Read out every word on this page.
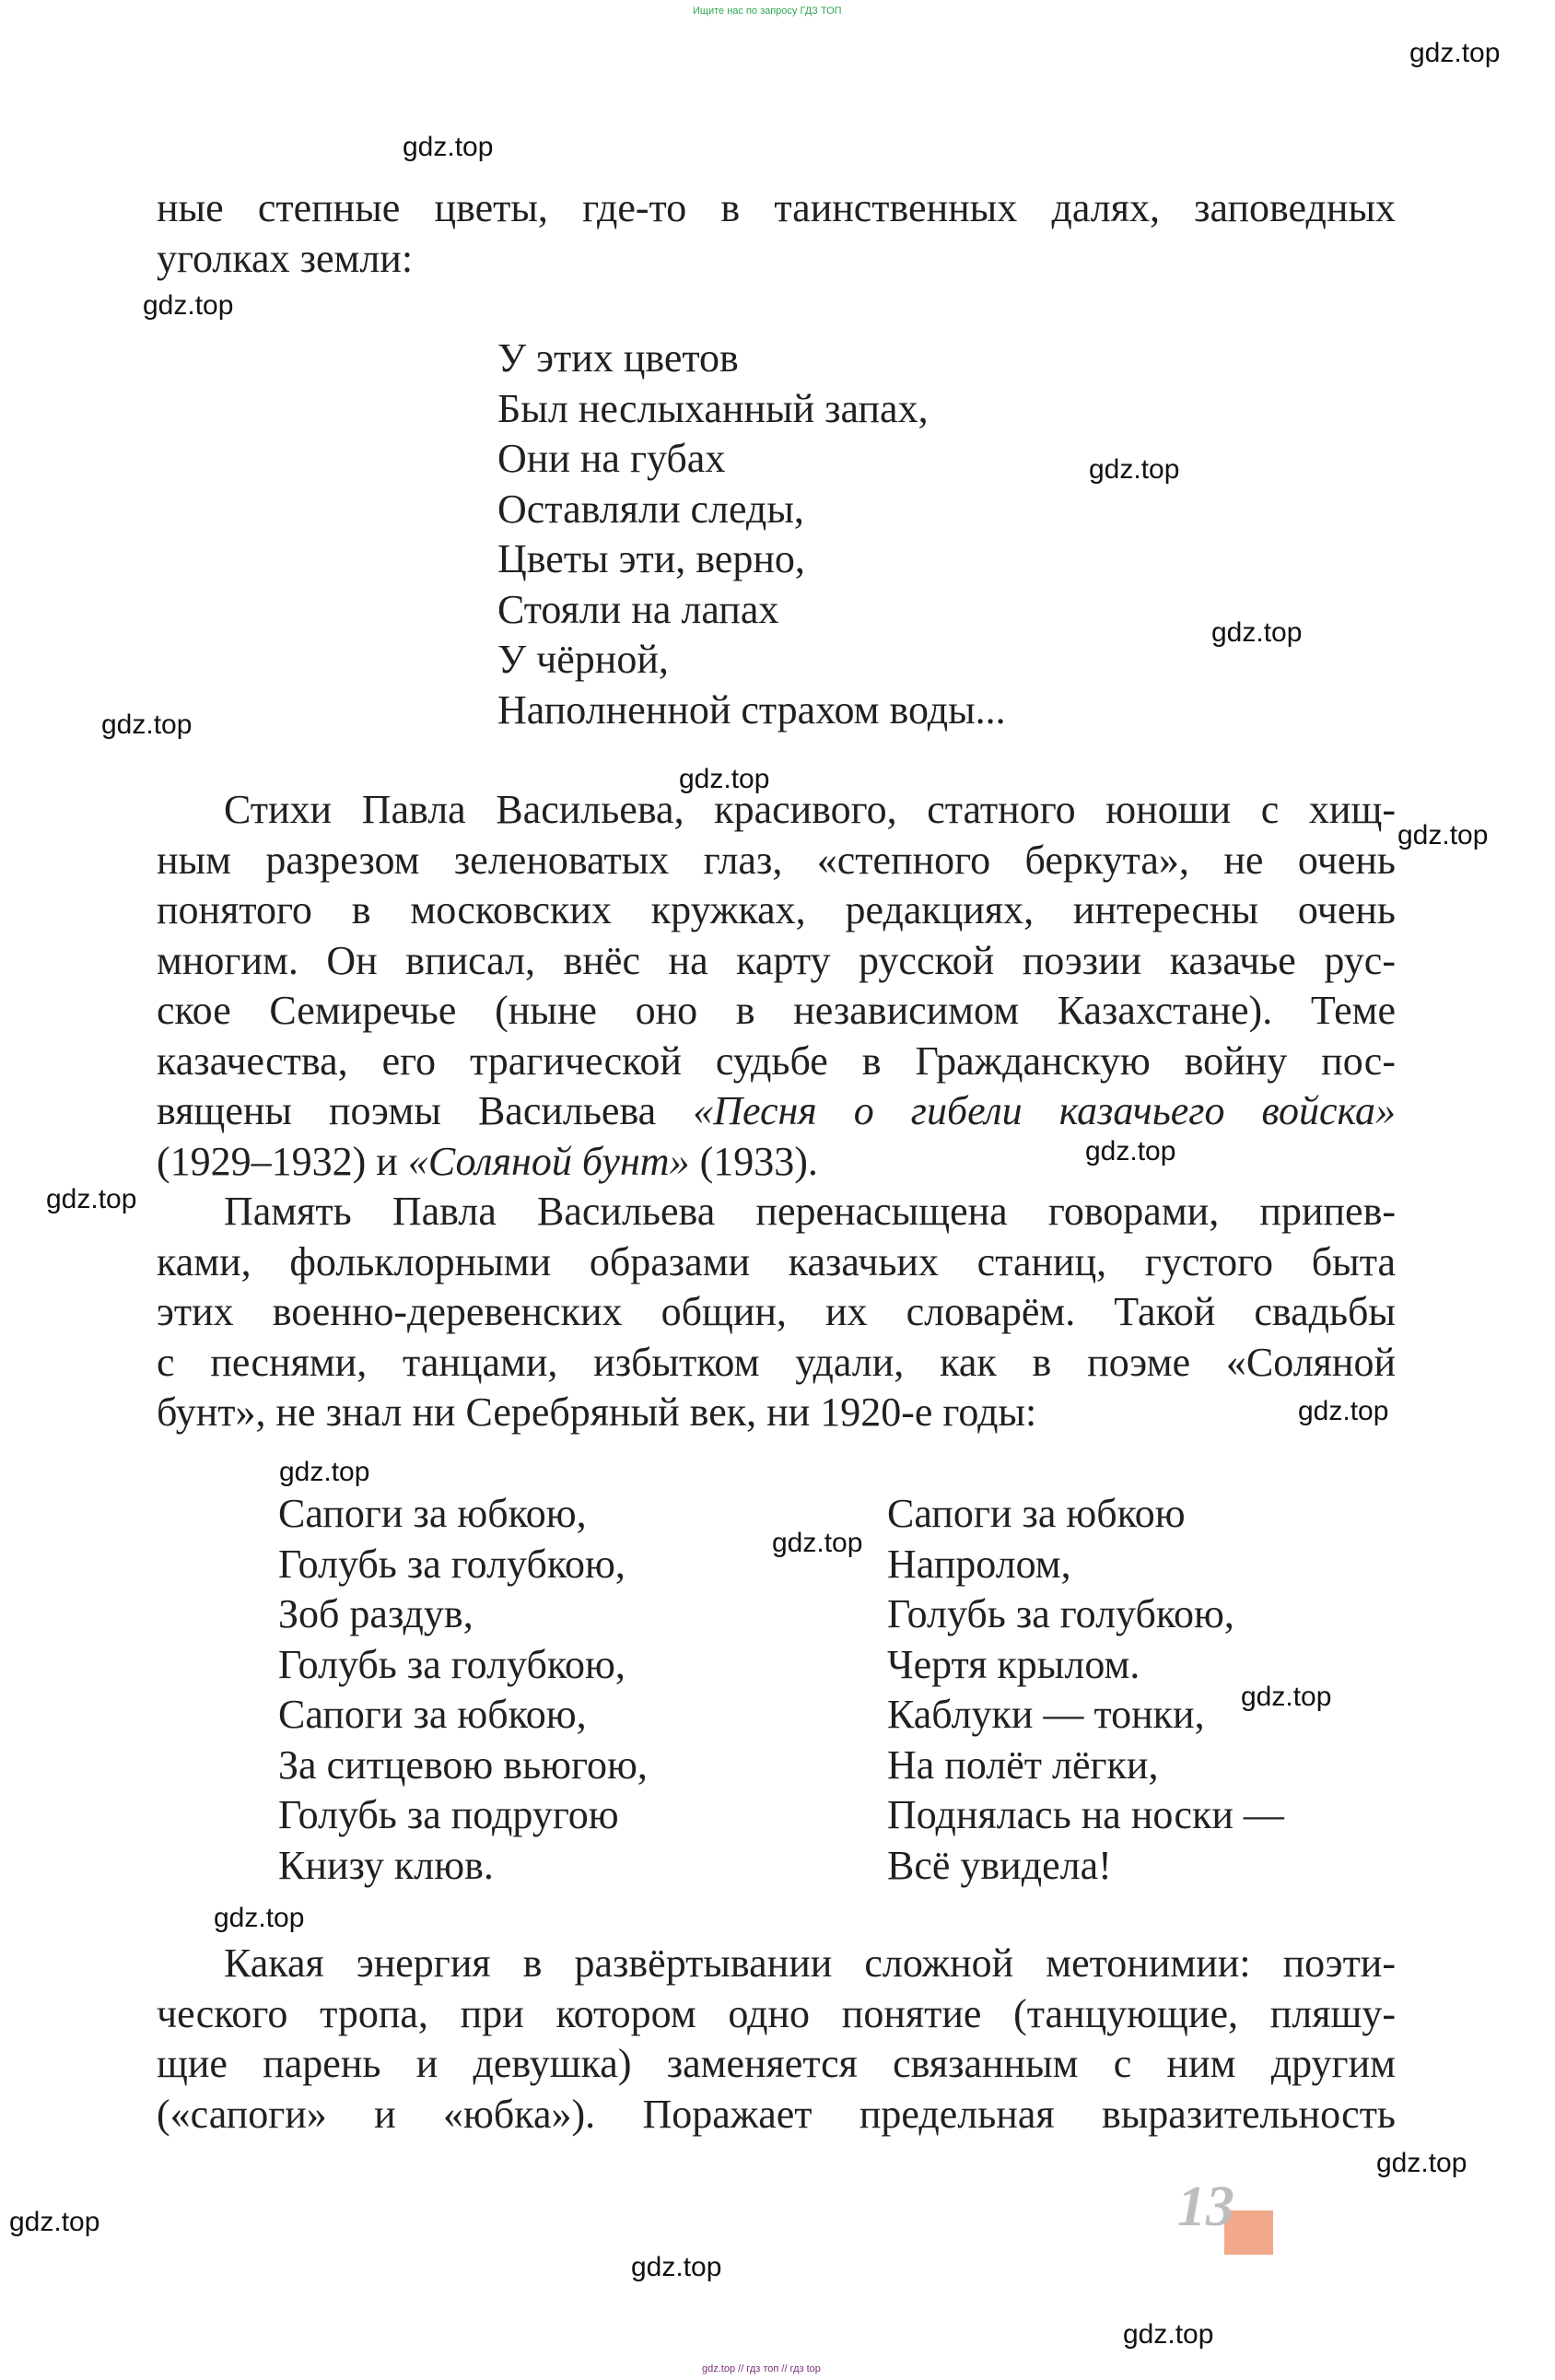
Ищите нас по запросу ГДЗ ТОП
ные степные цветы, где-то в таинственных далях, заповедных
уголках земли:
У этих цветов
Был неслыханный запах,
Они на губах
Оставляли следы,
Цветы эти, верно,
Стояли на лапах
У чёрной,
Наполненной страхом воды...
Стихи Павла Васильева, красивого, статного юноши с хищ-
ным разрезом зеленоватых глаз, «степного беркута», не очень
понятого в московских кружках, редакциях, интересны очень
многим. Он вписал, внёс на карту русской поэзии казачье рус-
ское Семиречье (ныне оно в независимом Казахстане). Теме
казачества, его трагической судьбе в Гражданскую войну пос-
вящены поэмы Васильева «Песня о гибели казачьего войска»
(1929–1932) и «Соляной бунт» (1933).
Память Павла Васильева перенасыщена говорами, припев-
ками, фольклорными образами казачьих станиц, густого быта
этих военно-деревенских общин, их словарём. Такой свадьбы
с песнями, танцами, избытком удали, как в поэме «Соляной
бунт», не знал ни Серебряный век, ни 1920-е годы:
Сапоги за юбкою,
Голубь за голубкою,
Зоб раздув,
Голубь за голубкою,
Сапоги за юбкою,
За ситцевою вьюгою,
Голубь за подругою
Книзу клюв.
Сапоги за юбкою
Напролом,
Голубь за голубкою,
Чертя крылом.
Каблуки — тонки,
На полёт лёгки,
Поднялась на носки —
Всё увидела!
Какая энергия в развёртывании сложной метонимии: поэти-
ческого тропа, при котором одно понятие (танцующие, пляшу-
щие парень и девушка) заменяется связанным с ним другим
(«сапоги» и «юбка»). Поражает предельная выразительность
13
gdz.top
gdz.top
gdz.top
gdz.top
gdz.top
gdz.top
gdz.top
gdz.top
gdz.top
gdz.top
gdz.top
gdz.top
gdz.top
gdz.top
gdz.top
gdz.top
gdz.top
gdz.top
gdz.top
gdz.top // гдз топ // гдз top
